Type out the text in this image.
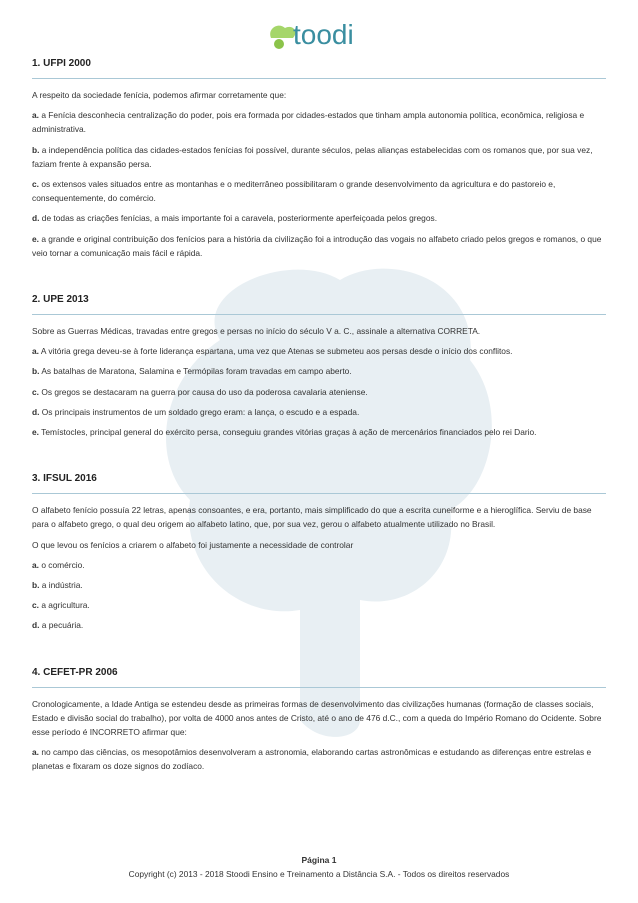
toodi
1. UFPI 2000
A respeito da sociedade fenícia, podemos afirmar corretamente que:
a. a Fenícia desconhecia centralização do poder, pois era formada por cidades-estados que tinham ampla autonomia política, econômica, religiosa e administrativa.
b. a independência política das cidades-estados fenícias foi possível, durante séculos, pelas alianças estabelecidas com os romanos que, por sua vez, faziam frente à expansão persa.
c. os extensos vales situados entre as montanhas e o mediterrâneo possibilitaram o grande desenvolvimento da agricultura e do pastoreio e, consequentemente, do comércio.
d. de todas as criações fenícias, a mais importante foi a caravela, posteriormente aperfeiçoada pelos gregos.
e. a grande e original contribuição dos fenícios para a história da civilização foi a introdução das vogais no alfabeto criado pelos gregos e romanos, o que veio tornar a comunicação mais fácil e rápida.
2. UPE 2013
Sobre as Guerras Médicas, travadas entre gregos e persas no início do século V a. C., assinale a alternativa CORRETA.
a. A vitória grega deveu-se à forte liderança espartana, uma vez que Atenas se submeteu aos persas desde o início dos conflitos.
b. As batalhas de Maratona, Salamina e Termópilas foram travadas em campo aberto.
c. Os gregos se destacaram na guerra por causa do uso da poderosa cavalaria ateniense.
d. Os principais instrumentos de um soldado grego eram: a lança, o escudo e a espada.
e. Temístocles, principal general do exército persa, conseguiu grandes vitórias graças à ação de mercenários financiados pelo rei Dario.
3. IFSUL 2016
O alfabeto fenício possuía 22 letras, apenas consoantes, e era, portanto, mais simplificado do que a escrita cuneiforme e a hieroglífica. Serviu de base para o alfabeto grego, o qual deu origem ao alfabeto latino, que, por sua vez, gerou o alfabeto atualmente utilizado no Brasil.
O que levou os fenícios a criarem o alfabeto foi justamente a necessidade de controlar
a. o comércio.
b. a indústria.
c. a agricultura.
d. a pecuária.
4. CEFET-PR 2006
Cronologicamente, a Idade Antiga se estendeu desde as primeiras formas de desenvolvimento das civilizações humanas (formação de classes sociais, Estado e divisão social do trabalho), por volta de 4000 anos antes de Cristo, até o ano de 476 d.C., com a queda do Império Romano do Ocidente. Sobre esse período é INCORRETO afirmar que:
a. no campo das ciências, os mesopotâmios desenvolveram a astronomia, elaborando cartas astronômicas e estudando as diferenças entre estrelas e planetas e fixaram os doze signos do zodíaco.
Página 1
Copyright (c) 2013 - 2018 Stoodi Ensino e Treinamento a Distância S.A. - Todos os direitos reservados
